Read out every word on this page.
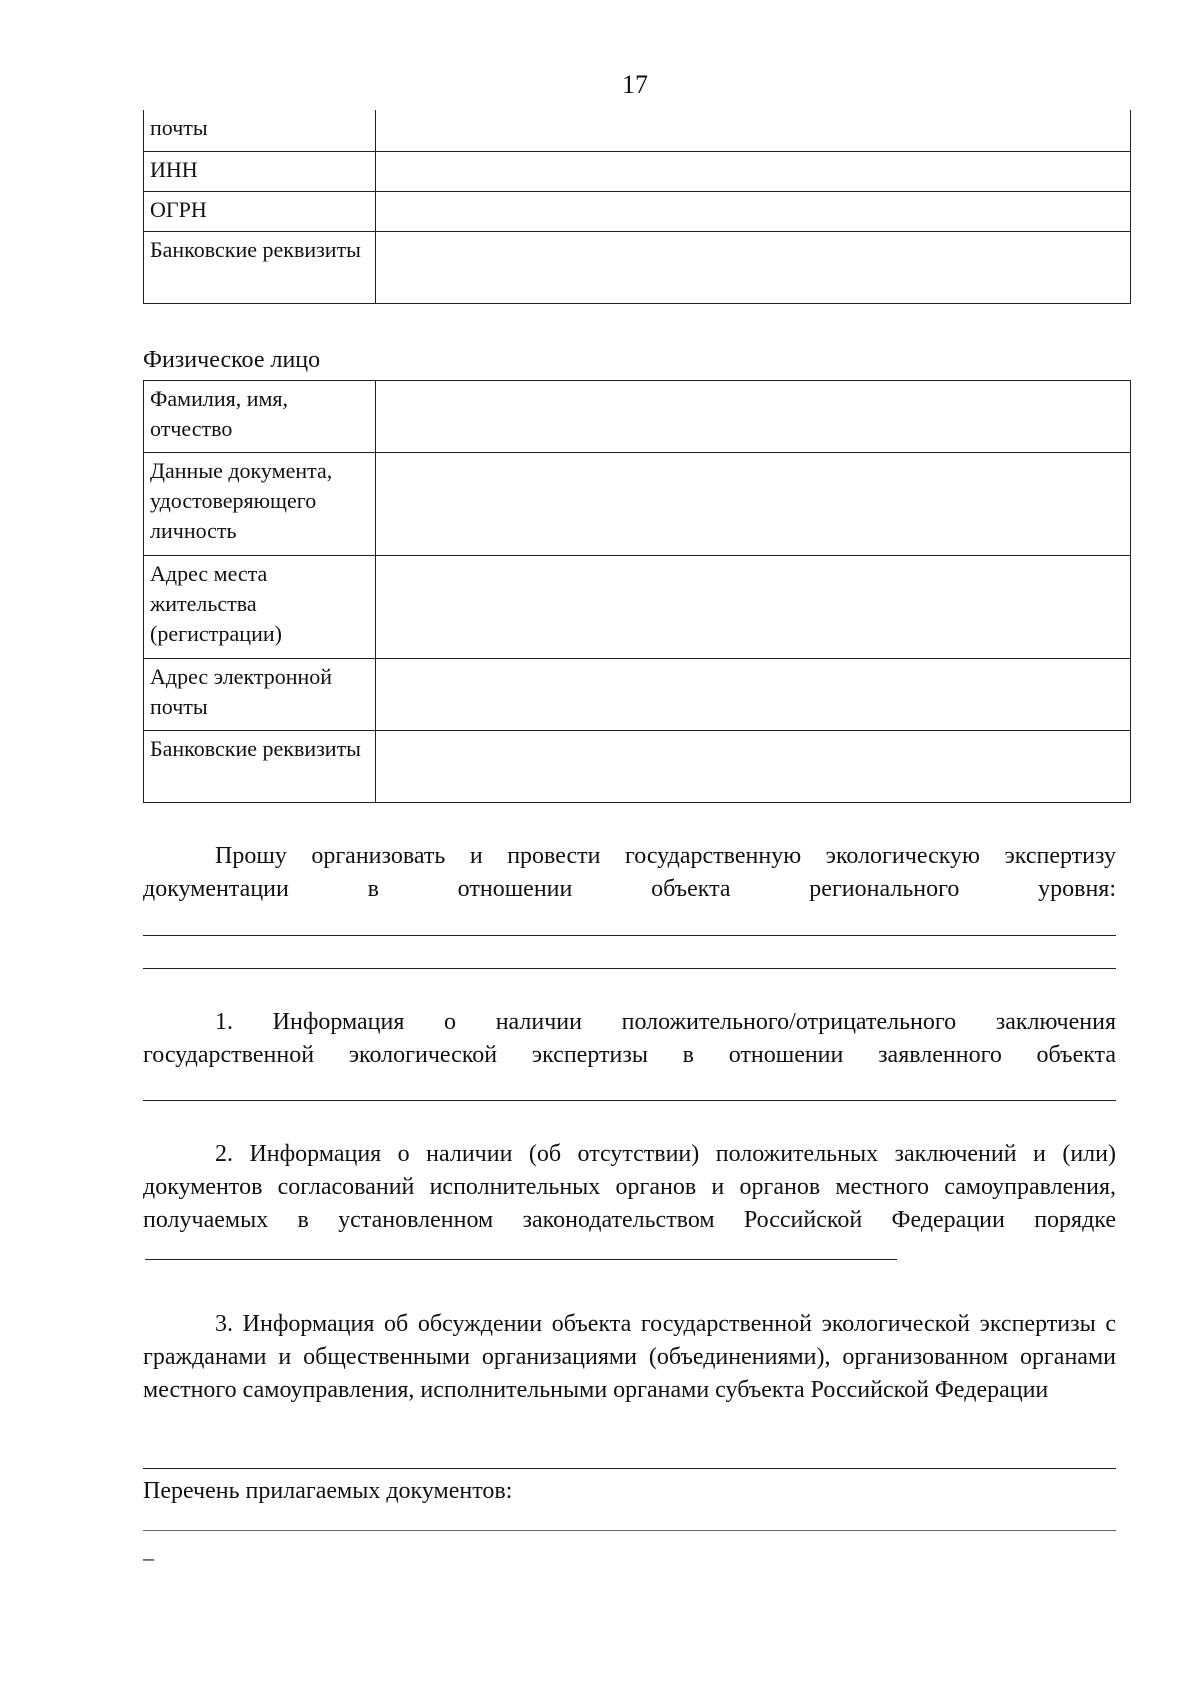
17
почты	
ИНН	
ОГРН	
Банковские реквизиты	
Физическое лицо
Фамилия, имя, отчество	
Данные документа, удостоверяющего личность	
Адрес места жительства (регистрации)	
Адрес электронной почты	
Банковские реквизиты	
Прошу организовать и провести государственную экологическую экспертизу документации в отношении объекта регионального уровня:
1. Информация о наличии положительного/отрицательного заключения государственной экологической экспертизы в отношении заявленного объекта
2. Информация о наличии (об отсутствии) положительных заключений и (или) документов согласований исполнительных органов и органов местного самоуправления, получаемых в установленном законодательством Российской Федерации порядке
3. Информация об обсуждении объекта государственной экологической экспертизы с гражданами и общественными организациями (объединениями), организованном органами местного самоуправления, исполнительными органами субъекта Российской Федерации
Перечень прилагаемых документов:
–
